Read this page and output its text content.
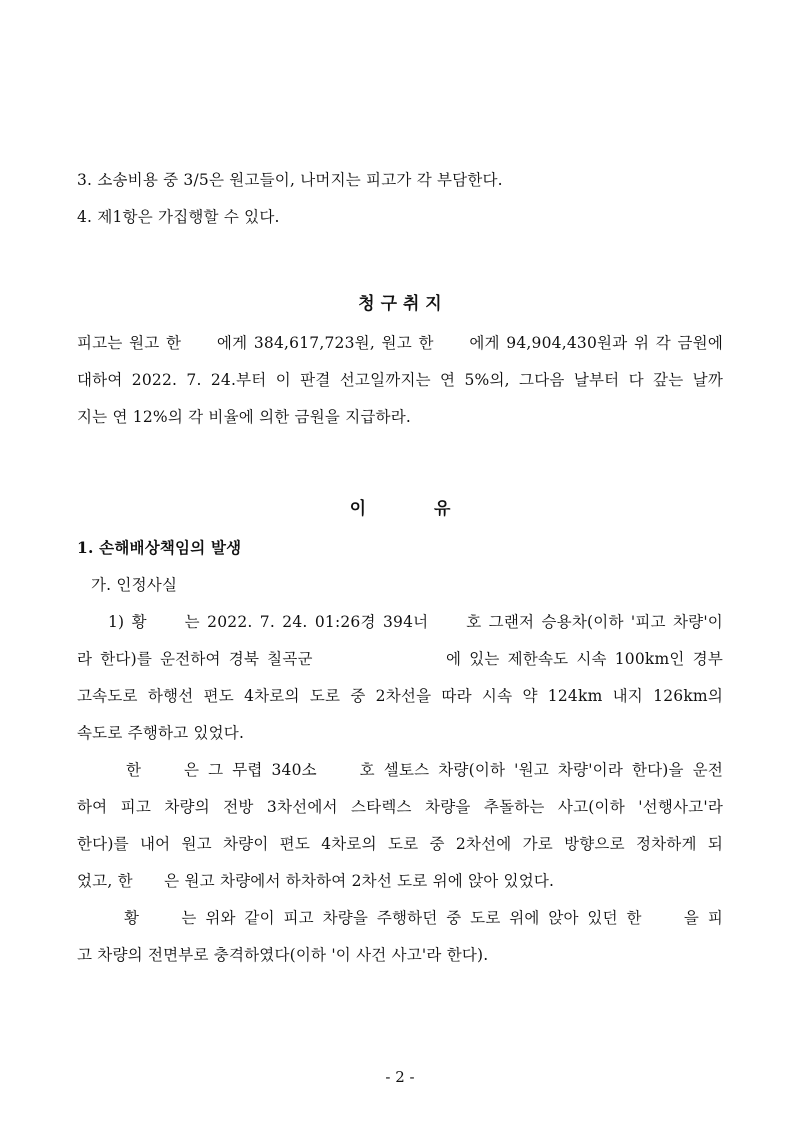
3. 소송비용 중 3/5은 원고들이, 나머지는 피고가 각 부담한다.
4. 제1항은 가집행할 수 있다.
청 구 취 지
피고는 원고 한　　에게 384,617,723원, 원고 한　　에게 94,904,430원과 위 각 금원에
대하여 2022. 7. 24.부터 이 판결 선고일까지는 연 5%의, 그다음 날부터 다 갚는 날까
지는 연 12%의 각 비율에 의한 금원을 지급하라.
이　　　　유
1. 손해배상책임의 발생
가. 인정사실
1) 황　　는 2022. 7. 24. 01:26경 394너　　호 그랜저 승용차(이하 '피고 차량'이
라 한다)를 운전하여 경북 칠곡군　　　　　　　에 있는 제한속도 시속 100km인 경부
고속도로 하행선 편도 4차로의 도로 중 2차선을 따라 시속 약 124km 내지 126km의
속도로 주행하고 있었다.
한　　은 그 무렵 340소　　호 셀토스 차량(이하 '원고 차량'이라 한다)을 운전
하여 피고 차량의 전방 3차선에서 스타렉스 차량을 추돌하는 사고(이하 '선행사고'라
한다)를 내어 원고 차량이 편도 4차로의 도로 중 2차선에 가로 방향으로 정차하게 되
었고, 한　　은 원고 차량에서 하차하여 2차선 도로 위에 앉아 있었다.
황　　는 위와 같이 피고 차량을 주행하던 중 도로 위에 앉아 있던 한　　을 피
고 차량의 전면부로 충격하였다(이하 '이 사건 사고'라 한다).
- 2 -
